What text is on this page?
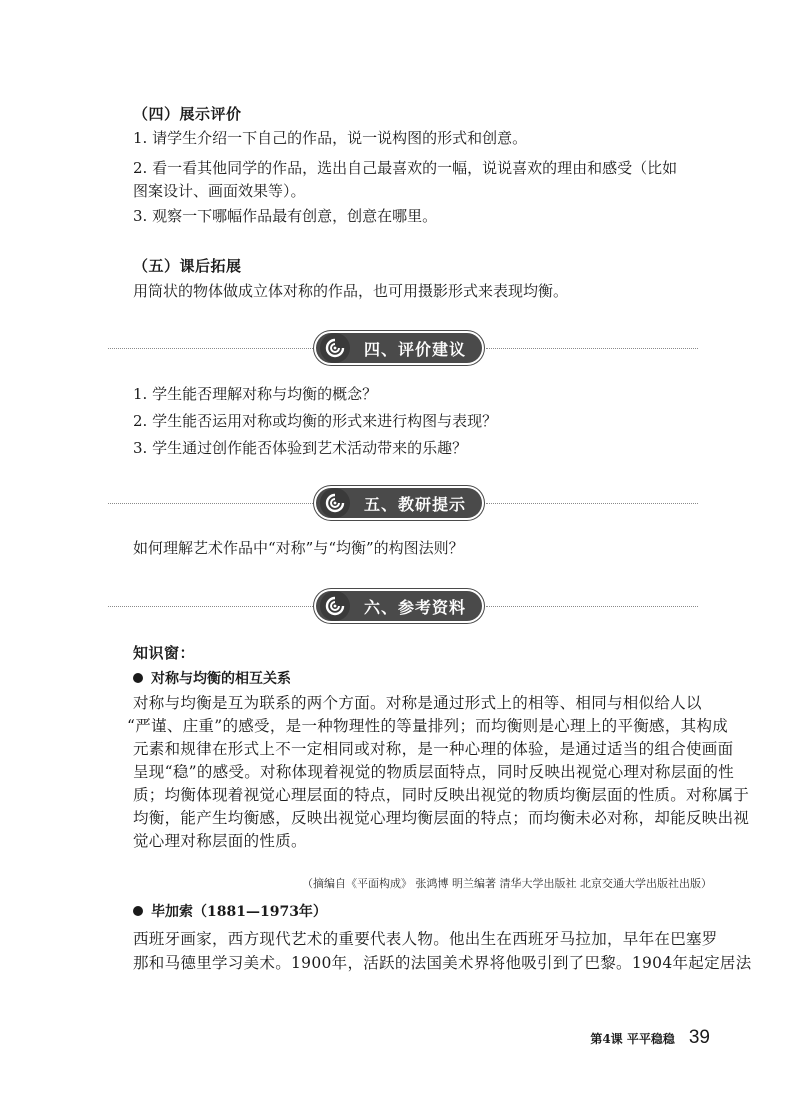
（四）展示评价
1. 请学生介绍一下自己的作品，说一说构图的形式和创意。
2. 看一看其他同学的作品，选出自己最喜欢的一幅，说说喜欢的理由和感受（比如
图案设计、画面效果等）。
3. 观察一下哪幅作品最有创意，创意在哪里。
（五）课后拓展
用筒状的物体做成立体对称的作品，也可用摄影形式来表现均衡。
四、评价建议
1. 学生能否理解对称与均衡的概念？
2. 学生能否运用对称或均衡的形式来进行构图与表现？
3. 学生通过创作能否体验到艺术活动带来的乐趣？
五、教研提示
如何理解艺术作品中“对称”与“均衡”的构图法则？
六、参考资料
知识窗：
对称与均衡的相互关系
对称与均衡是互为联系的两个方面。对称是通过形式上的相等、相同与相似给人以
“严谨、庄重”的感受，是一种物理性的等量排列；而均衡则是心理上的平衡感，其构成
元素和规律在形式上不一定相同或对称，是一种心理的体验，是通过适当的组合使画面
呈现“稳”的感受。对称体现着视觉的物质层面特点，同时反映出视觉心理对称层面的性
质；均衡体现着视觉心理层面的特点，同时反映出视觉的物质均衡层面的性质。对称属于
均衡，能产生均衡感，反映出视觉心理均衡层面的特点；而均衡未必对称，却能反映出视
觉心理对称层面的性质。
（摘编自《平面构成》 张鸿博 明兰编著 清华大学出版社 北京交通大学出版社出版）
毕加索（1881—1973年）
西班牙画家，西方现代艺术的重要代表人物。他出生在西班牙马拉加，早年在巴塞罗
那和马德里学习美术。1900年，活跃的法国美术界将他吸引到了巴黎。1904年起定居法
第4课 平平稳稳 39
